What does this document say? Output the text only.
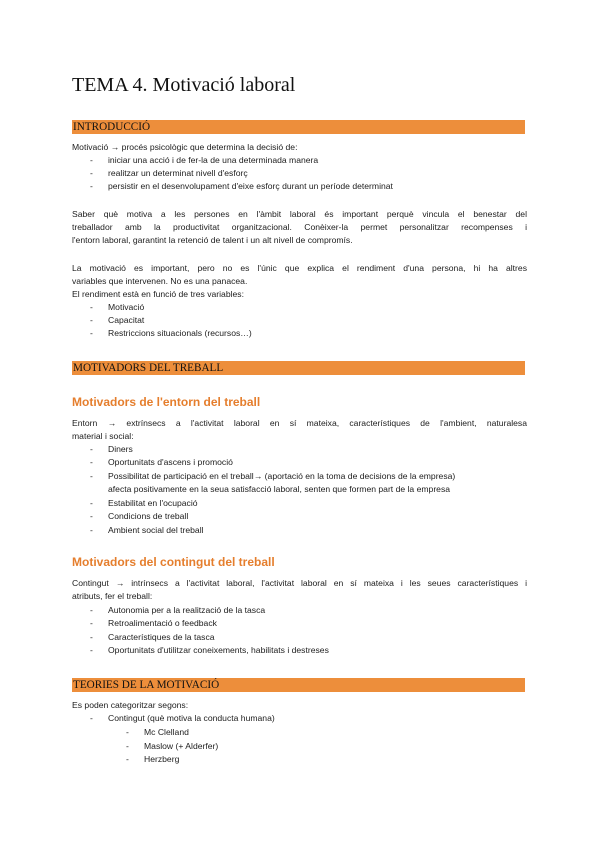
TEMA 4. Motivació laboral
INTRODUCCIÓ
Motivació → procés psicològic que determina la decisió de:
- iniciar una acció i de fer-la de una determinada manera
- realitzar un determinat nivell d'esforç
- persistir en el desenvolupament d'eixe esforç durant un període determinat
Saber què motiva a les persones en l'àmbit laboral és important perquè vincula el benestar del
treballador amb la productivitat organitzacional. Conèixer-la permet personalitzar recompenses i
l'entorn laboral, garantint la retenció de talent i un alt nivell de compromís.
La motivació es important, pero no es l'únic que explica el rendiment d'una persona, hi ha altres
variables que intervenen. No es una panacea.
El rendiment està en funció de tres variables:
- Motivació
- Capacitat
- Restriccions situacionals (recursos…)
MOTIVADORS DEL TREBALL
Motivadors de l'entorn del treball
Entorn → extrínsecs a l'activitat laboral en sí mateixa, característiques de l'ambient, naturalesa
material i social:
- Diners
- Oportunitats d'ascens i promoció
- Possibilitat de participació en el treball→ (aportació en la toma de decisions de la empresa)
afecta positivamente en la seua satisfacció laboral, senten que formen part de la empresa
- Estabilitat en l'ocupació
- Condicions de treball
- Ambient social del treball
Motivadors del contingut del treball
Contingut → intrínsecs a l'activitat laboral, l'activitat laboral en sí mateixa i les seues característiques i
atributs, fer el treball:
- Autonomia per a la realització de la tasca
- Retroalimentació o feedback
- Característiques de la tasca
- Oportunitats d'utilitzar coneixements, habilitats i destreses
TEORIES DE LA MOTIVACIÓ
Es poden categoritzar segons:
- Contingut (què motiva la conducta humana)
- Mc Clelland
- Maslow (+ Alderfer)
- Herzberg
